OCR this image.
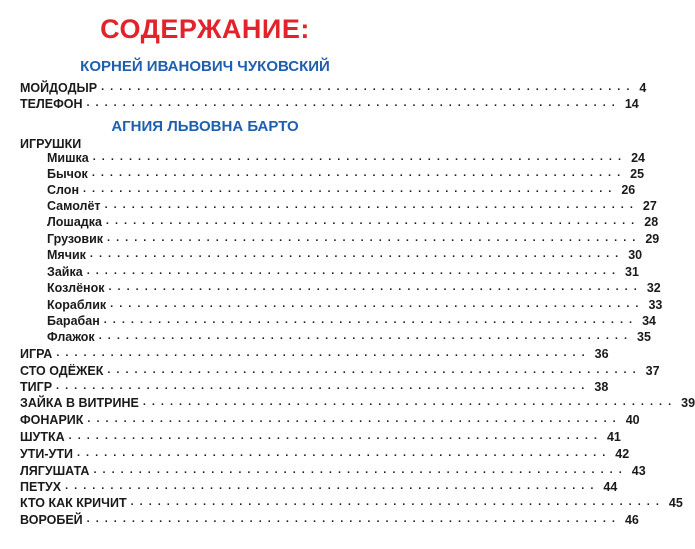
СОДЕРЖАНИЕ:
КОРНЕЙ ИВАНОВИЧ ЧУКОВСКИЙ
МОЙДОДЫР ........................................................... 4
ТЕЛЕФОН ........................................................... 14
АГНИЯ ЛЬВОВНА БАРТО
ИГРУШКИ
Мишка ........................................................... 24
Бычок ........................................................... 25
Слон ........................................................... 26
Самолёт ........................................................... 27
Лошадка ........................................................... 28
Грузовик ........................................................... 29
Мячик ........................................................... 30
Зайка ........................................................... 31
Козлёнок ........................................................... 32
Кораблик ........................................................... 33
Барабан ........................................................... 34
Флажок ........................................................... 35
ИГРА ........................................................... 36
СТО ОДЁЖЕК ........................................................... 37
ТИГР ........................................................... 38
ЗАЙКА В ВИТРИНЕ ........................................................... 39
ФОНАРИК ........................................................... 40
ШУТКА ........................................................... 41
УТИ-УТИ ........................................................... 42
ЛЯГУШАТА ........................................................... 43
ПЕТУХ ........................................................... 44
КТО КАК КРИЧИТ ........................................................... 45
ВОРОБЕЙ ........................................................... 46
